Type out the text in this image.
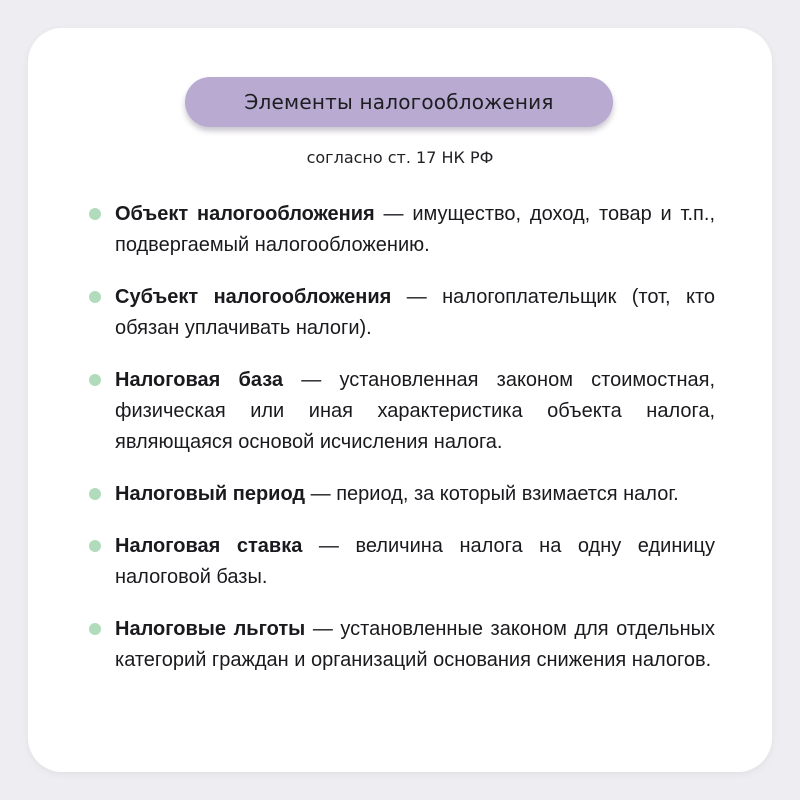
Элементы налогообложения
согласно ст. 17 НК РФ
Объект налогообложения — имущество, доход, товар и т.п., подвергаемый налогообложению.
Субъект налогообложения — налогоплательщик (тот, кто обязан уплачивать налоги).
Налоговая база — установленная законом стоимостная, физическая или иная характеристика объекта налога, являющаяся основой исчисления налога.
Налоговый период — период, за который взимается налог.
Налоговая ставка — величина налога на одну единицу налоговой базы.
Налоговые льготы — установленные законом для отдельных категорий граждан и организаций основания снижения налогов.
